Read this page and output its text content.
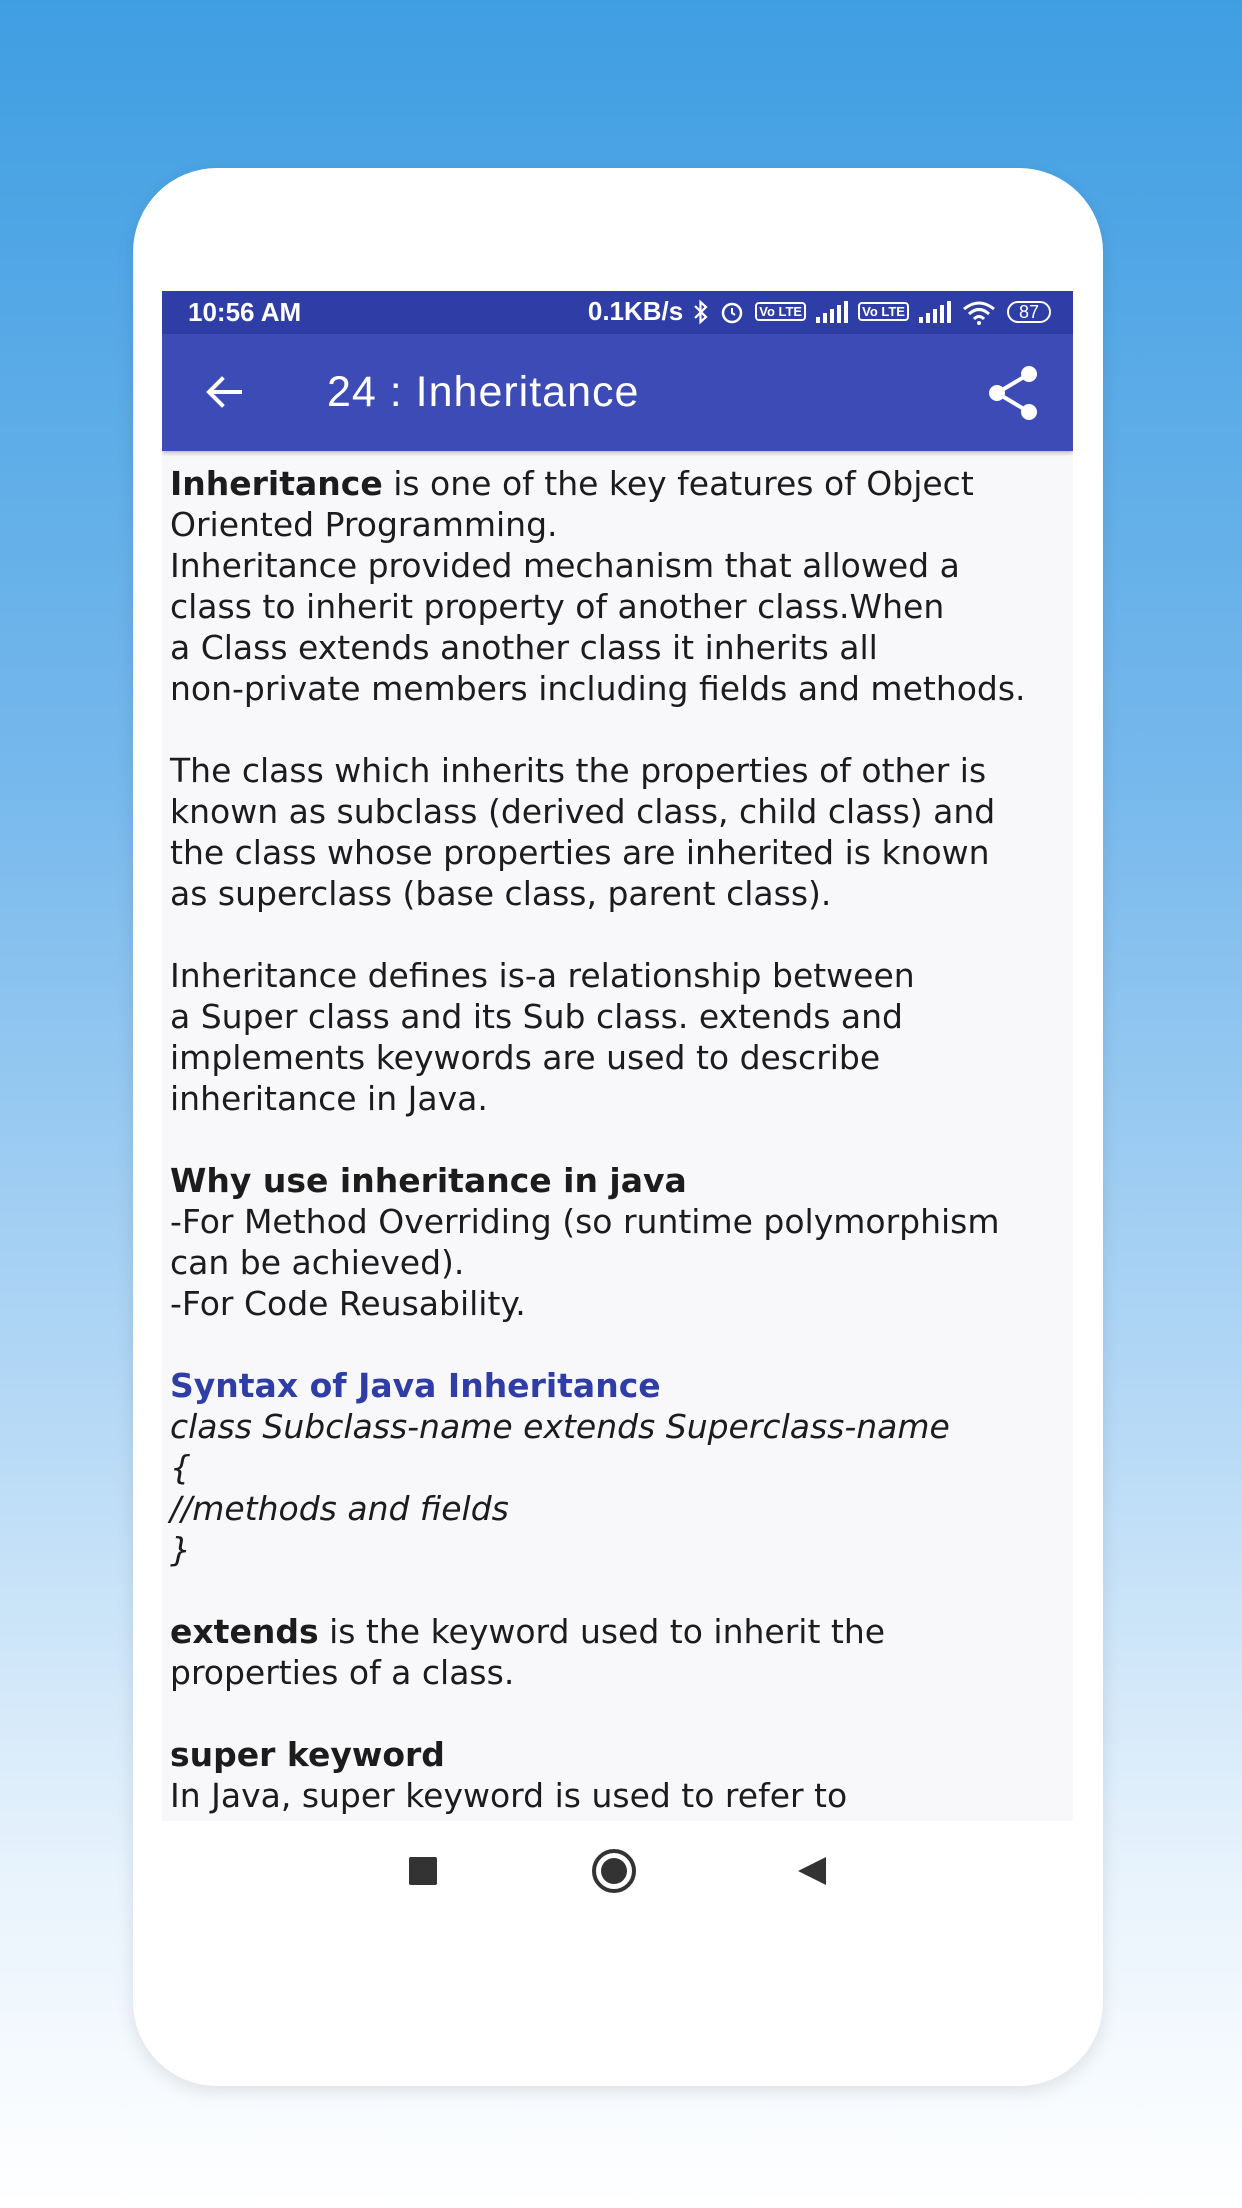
10:56 AM	0.1KB/s	Vo LTE	Vo LTE	87
24 : Inheritance
Inheritance is one of the key features of Object
Oriented Programming.
Inheritance provided mechanism that allowed a
class to inherit property of another class.When
a Class extends another class it inherits all
non-private members including fields and methods.
The class which inherits the properties of other is
known as subclass (derived class, child class) and
the class whose properties are inherited is known
as superclass (base class, parent class).
Inheritance defines is-a relationship between
a Super class and its Sub class. extends and
implements keywords are used to describe
inheritance in Java.
Why use inheritance in java
-For Method Overriding (so runtime polymorphism
can be achieved).
-For Code Reusability.
Syntax of Java Inheritance
class Subclass-name extends Superclass-name
{
//methods and fields
}
extends is the keyword used to inherit the
properties of a class.
super keyword
In Java, super keyword is used to refer to
